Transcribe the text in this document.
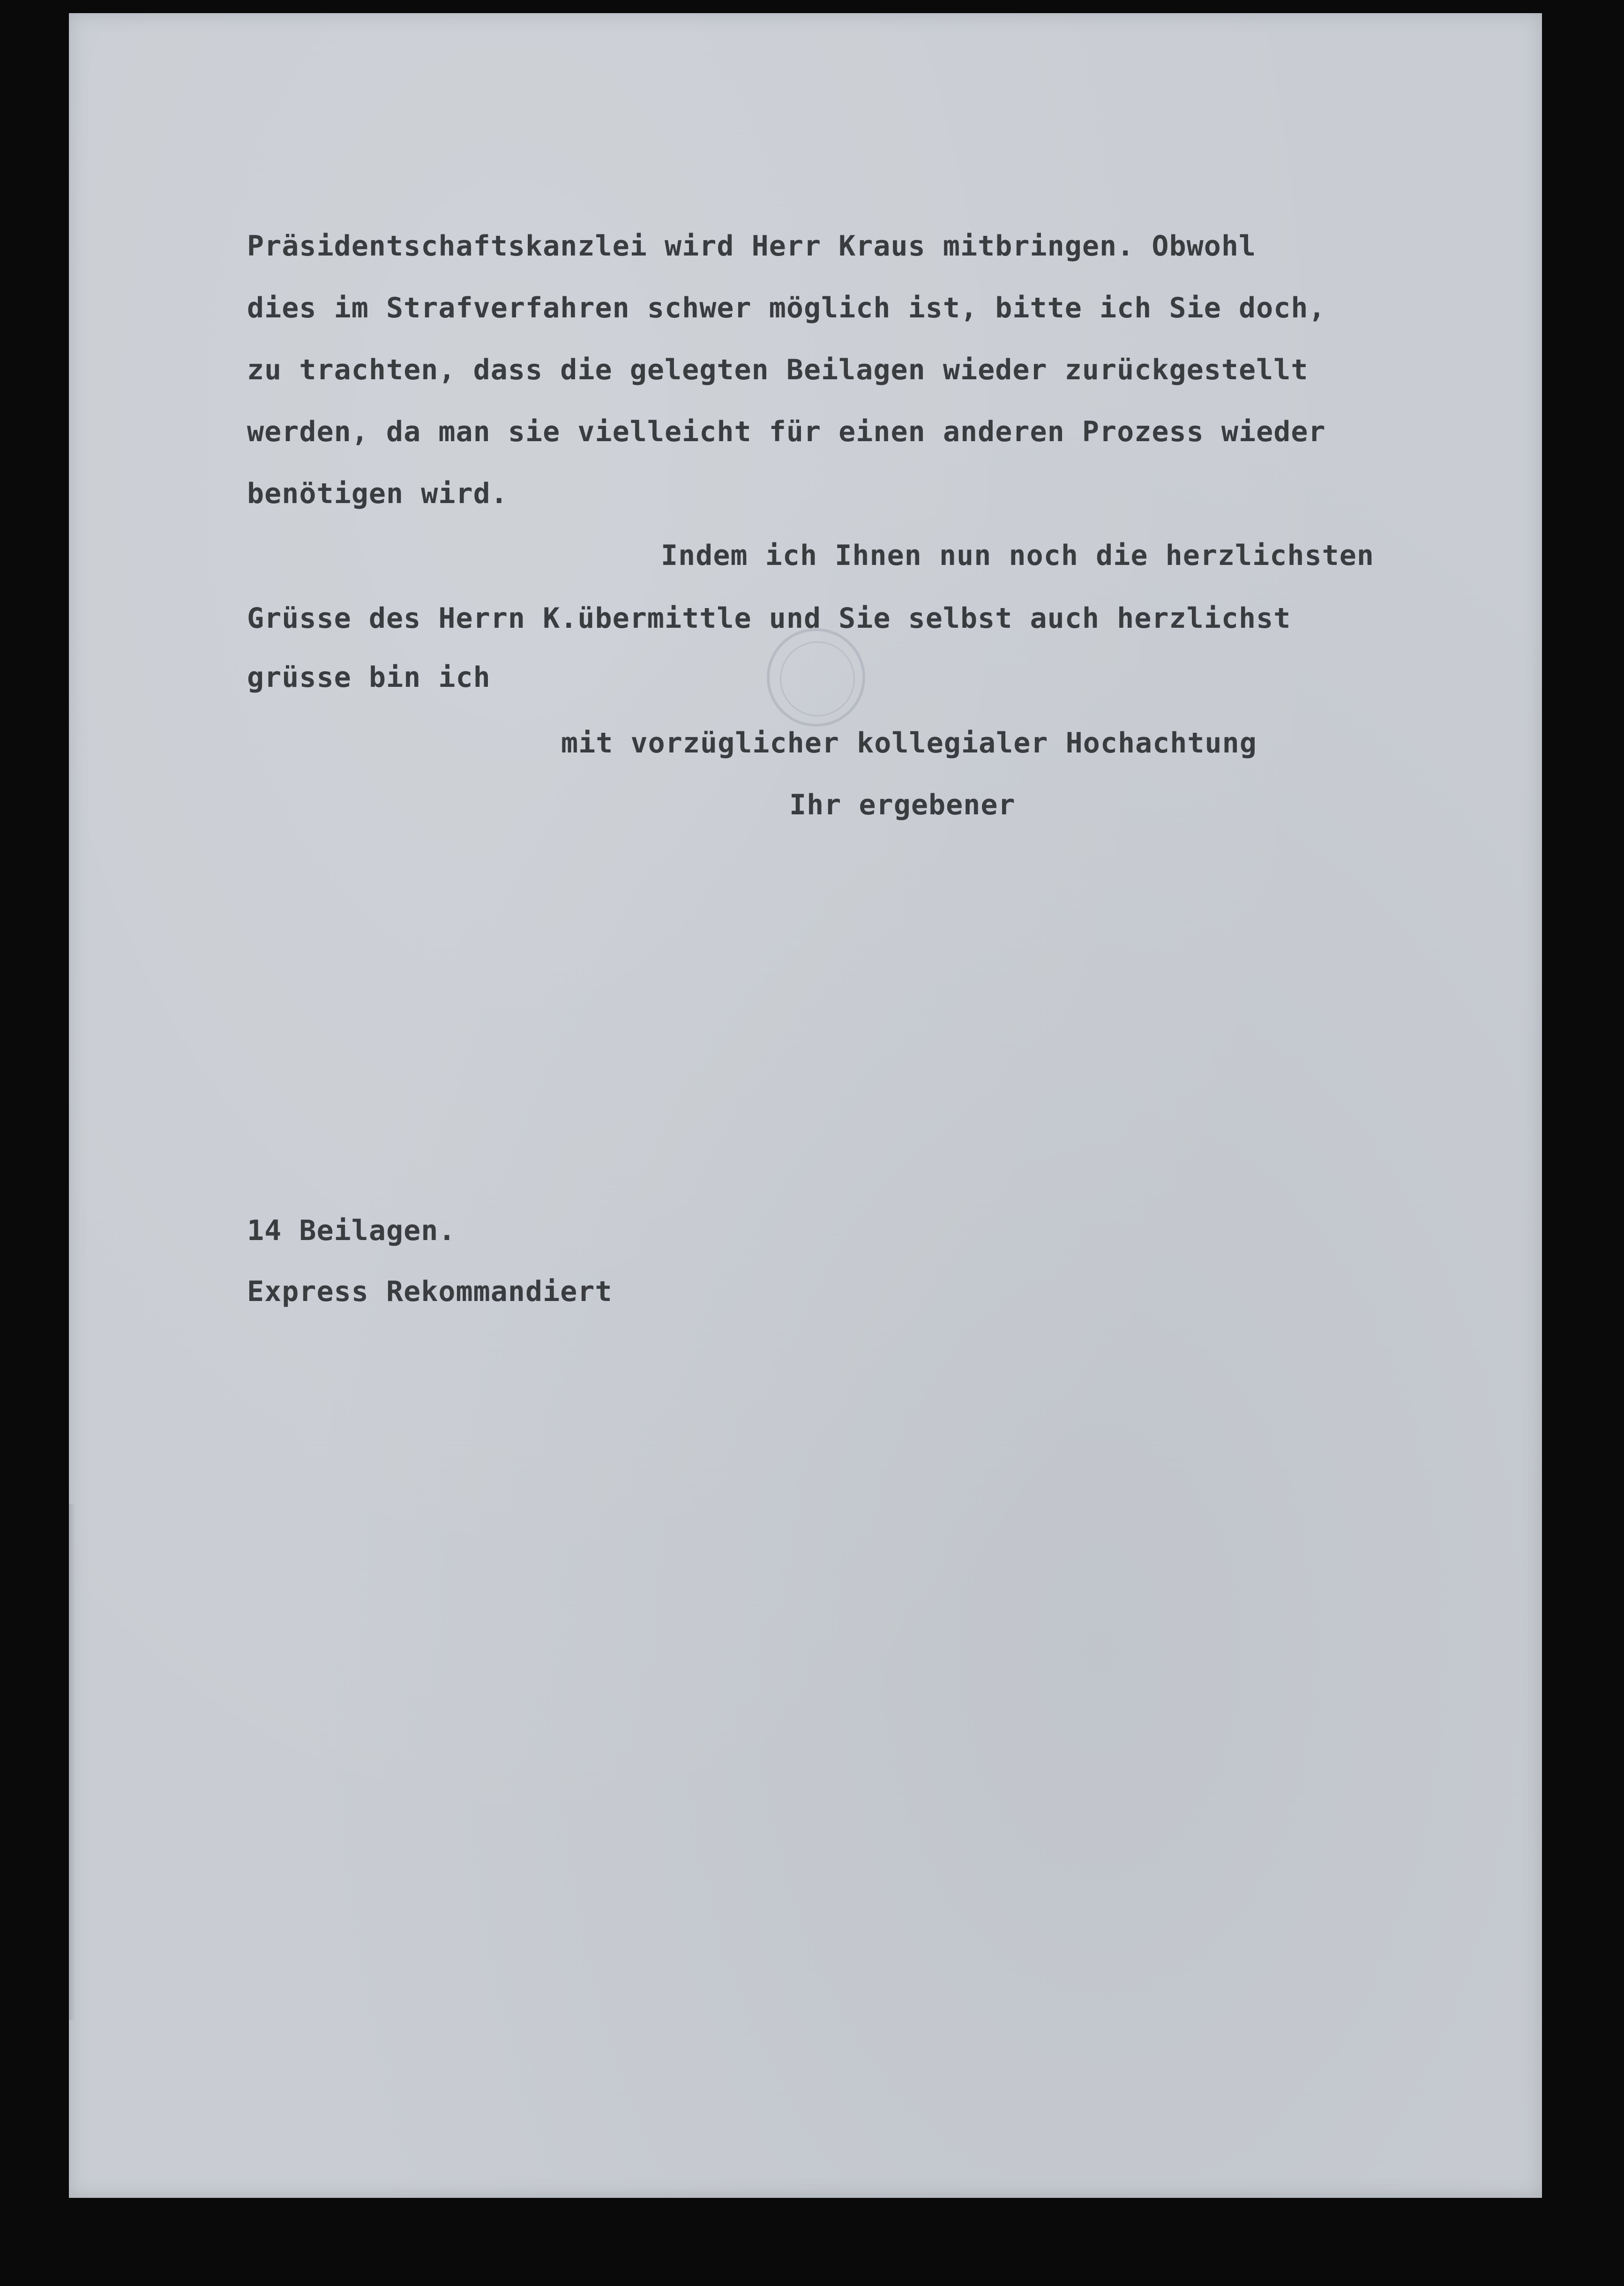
Präsidentschaftskanzlei wird Herr Kraus mitbringen. Obwohl
dies im Strafverfahren schwer möglich ist, bitte ich Sie doch,
zu trachten, dass die gelegten Beilagen wieder zurückgestellt
werden, da man sie vielleicht für einen anderen Prozess wieder
benötigen wird.
Indem ich Ihnen nun noch die herzlichsten
Grüsse des Herrn K.übermittle und Sie selbst auch herzlichst
grüsse bin ich
mit vorzüglicher kollegialer Hochachtung
Ihr ergebener
14 Beilagen.
Express Rekommandiert
